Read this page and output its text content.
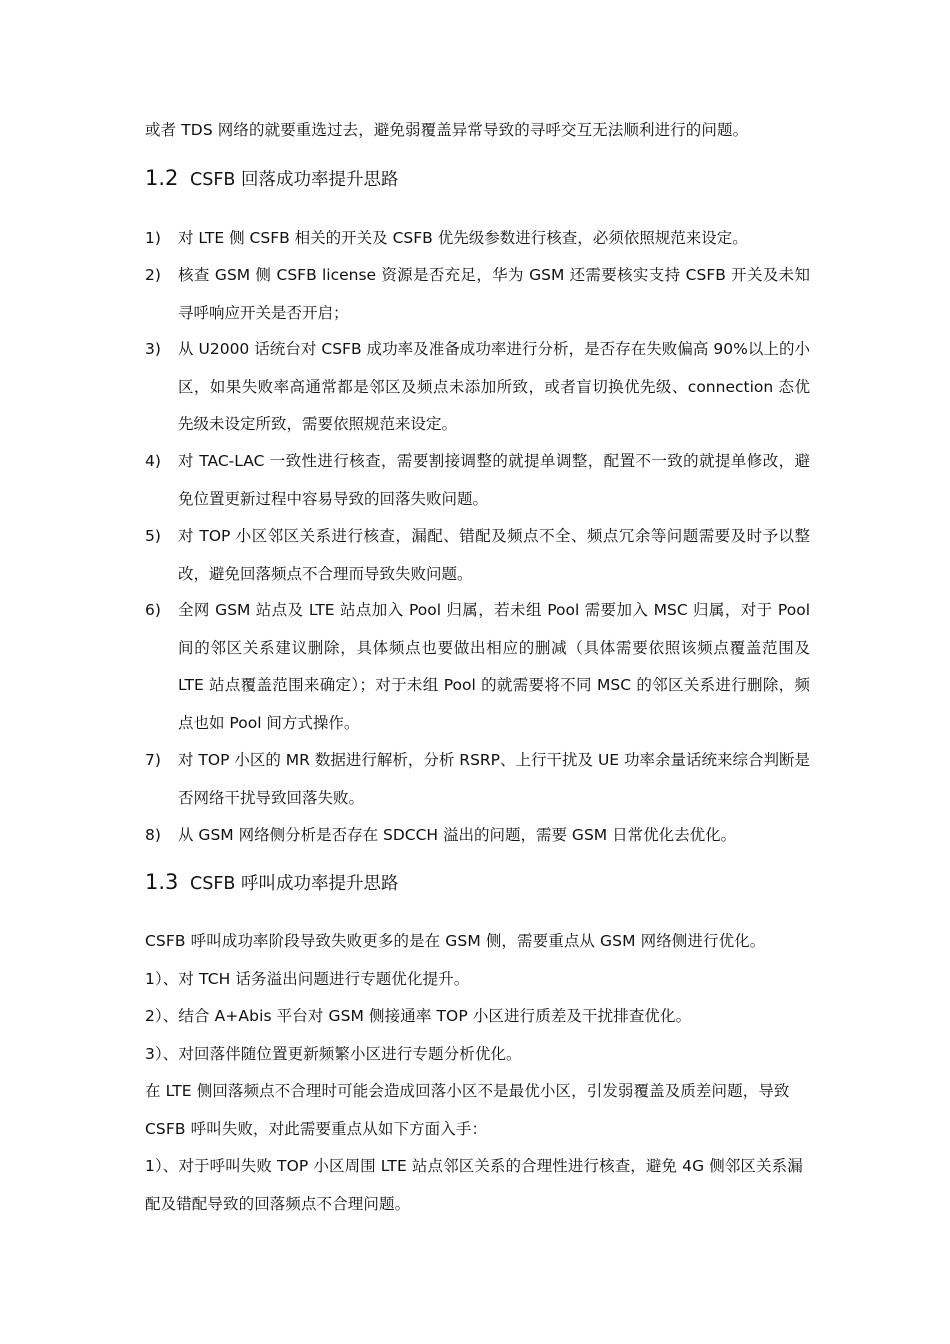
或者 TDS 网络的就要重选过去，避免弱覆盖异常导致的寻呼交互无法顺利进行的问题。
1.2 CSFB 回落成功率提升思路
1)	对 LTE 侧 CSFB 相关的开关及 CSFB 优先级参数进行核查，必须依照规范来设定。
2)	核查 GSM 侧 CSFB license 资源是否充足，华为 GSM 还需要核实支持 CSFB 开关及未知寻呼响应开关是否开启；
3)	从 U2000 话统台对 CSFB 成功率及准备成功率进行分析，是否存在失败偏高 90%以上的小区，如果失败率高通常都是邻区及频点未添加所致，或者盲切换优先级、connection 态优先级未设定所致，需要依照规范来设定。
4)	对 TAC-LAC 一致性进行核查，需要割接调整的就提单调整，配置不一致的就提单修改，避免位置更新过程中容易导致的回落失败问题。
5)	对 TOP 小区邻区关系进行核查，漏配、错配及频点不全、频点冗余等问题需要及时予以整改，避免回落频点不合理而导致失败问题。
6)	全网 GSM 站点及 LTE 站点加入 Pool 归属，若未组 Pool 需要加入 MSC 归属，对于 Pool 间的邻区关系建议删除，具体频点也要做出相应的删减（具体需要依照该频点覆盖范围及 LTE 站点覆盖范围来确定）；对于未组 Pool 的就需要将不同 MSC 的邻区关系进行删除，频点也如 Pool 间方式操作。
7)	对 TOP 小区的 MR 数据进行解析，分析 RSRP、上行干扰及 UE 功率余量话统来综合判断是否网络干扰导致回落失败。
8)	从 GSM 网络侧分析是否存在 SDCCH 溢出的问题，需要 GSM 日常优化去优化。
1.3 CSFB 呼叫成功率提升思路
CSFB 呼叫成功率阶段导致失败更多的是在 GSM 侧，需要重点从 GSM 网络侧进行优化。
1）、对 TCH 话务溢出问题进行专题优化提升。
2）、结合 A+Abis 平台对 GSM 侧接通率 TOP 小区进行质差及干扰排查优化。
3）、对回落伴随位置更新频繁小区进行专题分析优化。
在 LTE 侧回落频点不合理时可能会造成回落小区不是最优小区，引发弱覆盖及质差问题，导致 CSFB 呼叫失败，对此需要重点从如下方面入手：
1）、对于呼叫失败 TOP 小区周围 LTE 站点邻区关系的合理性进行核查，避免 4G 侧邻区关系漏配及错配导致的回落频点不合理问题。
